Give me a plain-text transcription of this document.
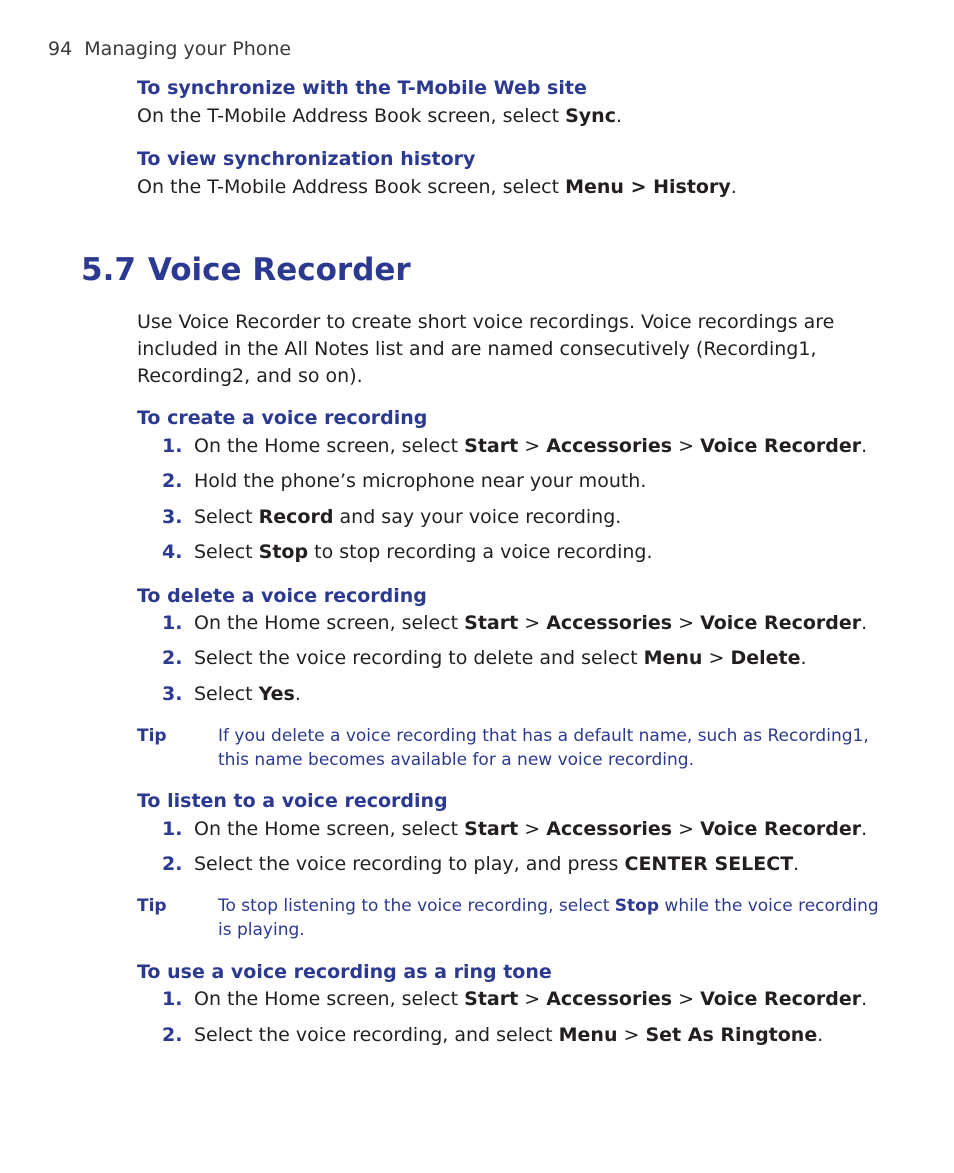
94 Managing your Phone
To synchronize with the T-Mobile Web site
On the T-Mobile Address Book screen, select Sync.
To view synchronization history
On the T-Mobile Address Book screen, select Menu > History.
5.7 Voice Recorder
Use Voice Recorder to create short voice recordings. Voice recordings are
included in the All Notes list and are named consecutively (Recording1,
Recording2, and so on).
To create a voice recording
1. On the Home screen, select Start > Accessories > Voice Recorder.
2. Hold the phone’s microphone near your mouth.
3. Select Record and say your voice recording.
4. Select Stop to stop recording a voice recording.
To delete a voice recording
1. On the Home screen, select Start > Accessories > Voice Recorder.
2. Select the voice recording to delete and select Menu > Delete.
3. Select Yes.
Tip	If you delete a voice recording that has a default name, such as Recording1,
this name becomes available for a new voice recording.
To listen to a voice recording
1. On the Home screen, select Start > Accessories > Voice Recorder.
2. Select the voice recording to play, and press CENTER SELECT.
Tip	To stop listening to the voice recording, select Stop while the voice recording
is playing.
To use a voice recording as a ring tone
1. On the Home screen, select Start > Accessories > Voice Recorder.
2. Select the voice recording, and select Menu > Set As Ringtone.
